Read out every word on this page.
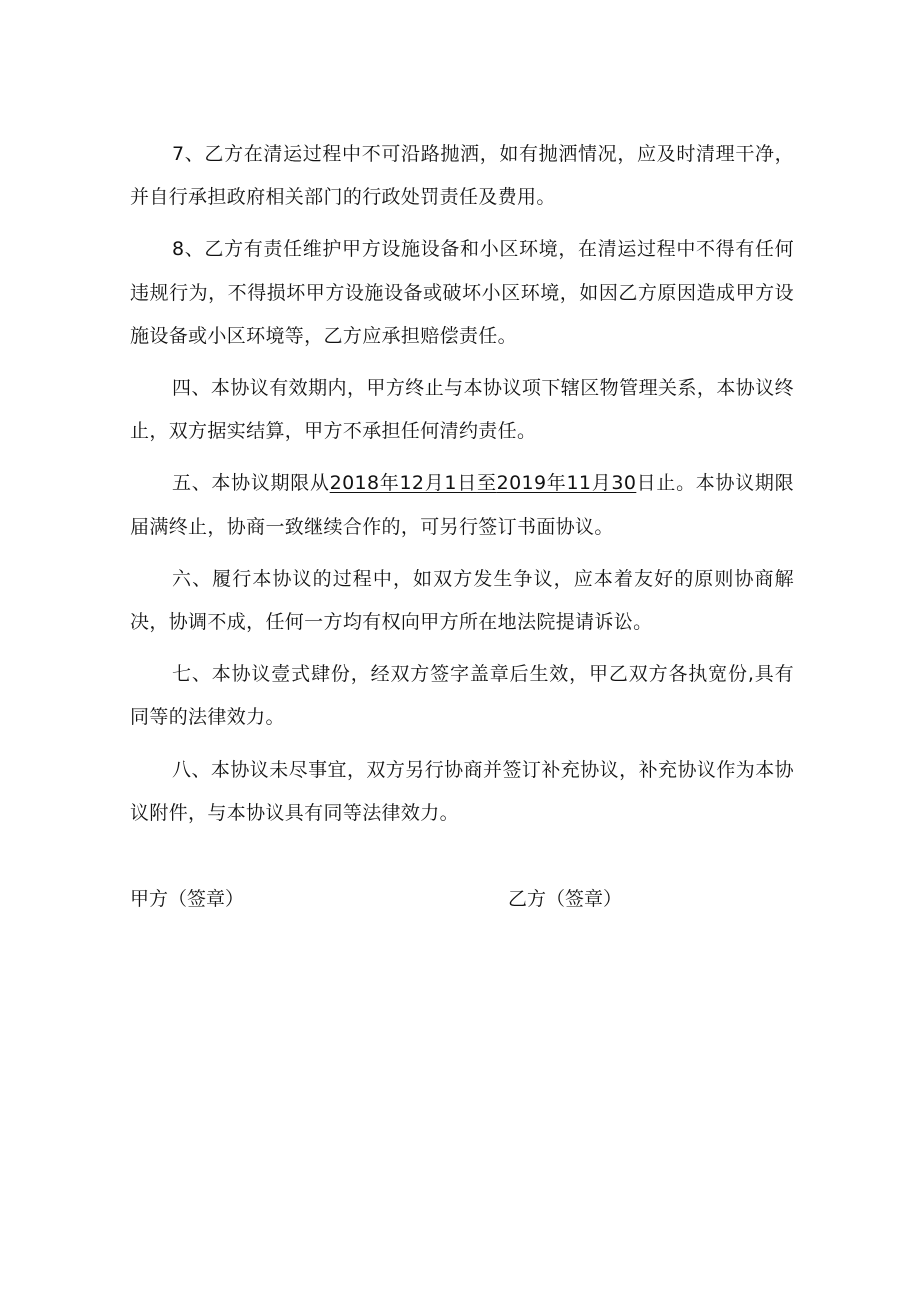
7、乙方在清运过程中不可沿路抛洒，如有抛洒情况，应及时清理干净，并自行承担政府相关部门的行政处罚责任及费用。

8、乙方有责任维护甲方设施设备和小区环境，在清运过程中不得有任何违规行为，不得损坏甲方设施设备或破坏小区环境，如因乙方原因造成甲方设施设备或小区环境等，乙方应承担赔偿责任。

四、本协议有效期内，甲方终止与本协议项下辖区物管理关系，本协议终止，双方据实结算，甲方不承担任何清约责任。

五、本协议期限从2018年12月1日至2019年11月30日止。本协议期限届满终止，协商一致继续合作的，可另行签订书面协议。

六、履行本协议的过程中，如双方发生争议，应本着友好的原则协商解决，协调不成，任何一方均有权向甲方所在地法院提请诉讼。

七、本协议壹式肆份，经双方签字盖章后生效，甲乙双方各执宽份,具有同等的法律效力。

八、本协议未尽事宜，双方另行协商并签订补充协议，补充协议作为本协议附件，与本协议具有同等法律效力。

甲方（签章）	乙方（签章）
